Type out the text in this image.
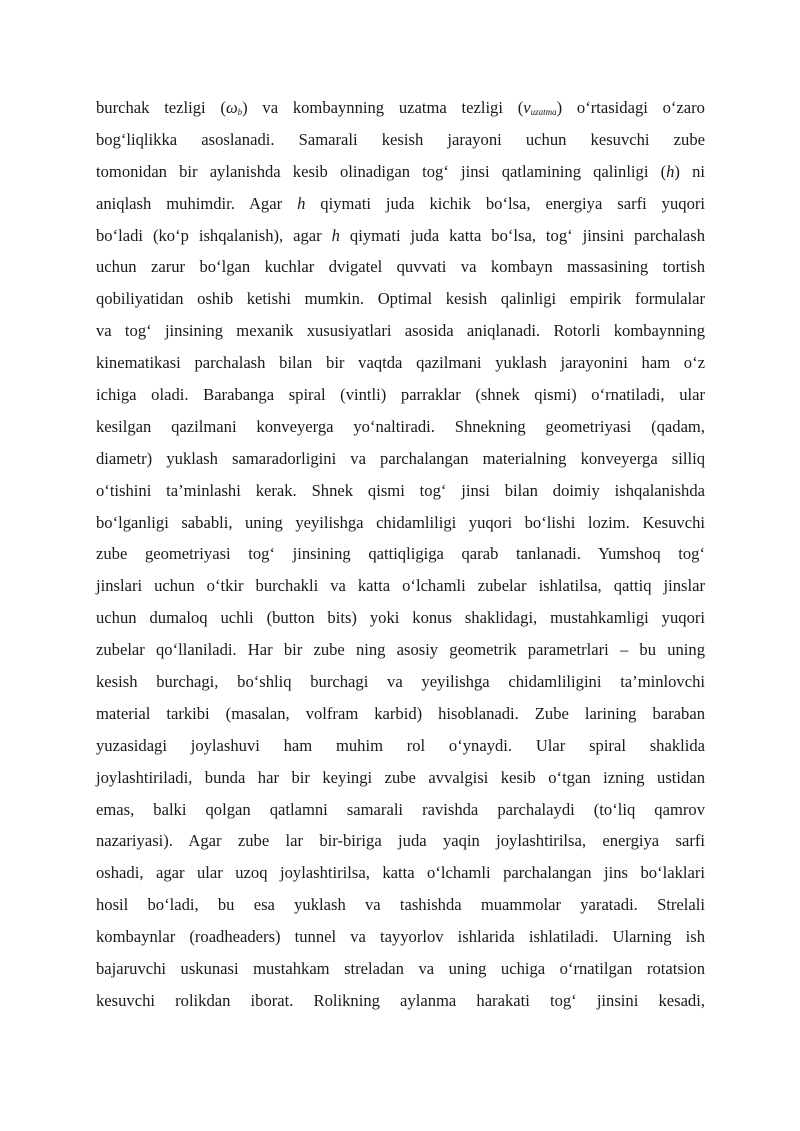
burchak tezligi $(\omega_b)$ va kombaynning uzatma tezligi $(v_{uzatma})$ o‘rtasidagi o‘zaro
bog‘liqlikka asoslanadi. Samarali kesish jarayoni uchun kesuvchi zube
tomonidan bir aylanishda kesib olinadigan tog‘ jinsi qatlamining qalinligi (h) ni
aniqlash muhimdir. Agar h qiymati juda kichik bo‘lsa, energiya sarfi yuqori
bo‘ladi (ko‘p ishqalanish), agar h qiymati juda katta bo‘lsa, tog‘ jinsini parchalash
uchun zarur bo‘lgan kuchlar dvigatel quvvati va kombayn massasining tortish
qobiliyatidan oshib ketishi mumkin. Optimal kesish qalinligi empirik formulalar
va tog‘ jinsining mexanik xususiyatlari asosida aniqlanadi. Rotorli kombaynning
kinematikasi parchalash bilan bir vaqtda qazilmani yuklash jarayonini ham o‘z
ichiga oladi. Barabanga spiral (vintli) parraklar (shnek qismi) o‘rnatiladi, ular
kesilgan qazilmani konveyerga yo‘naltiradi. Shnekning geometriyasi (qadam,
diametr) yuklash samaradorligini va parchalangan materialning konveyerga silliq
o‘tishini ta’minlashi kerak. Shnek qismi tog‘ jinsi bilan doimiy ishqalanishda
bo‘lganligi sababli, uning yeyilishga chidamliligi yuqori bo‘lishi lozim. Kesuvchi
zube geometriyasi tog‘ jinsining qattiqligiga qarab tanlanadi. Yumshoq tog‘
jinslari uchun o‘tkir burchakli va katta o‘lchamli zubelar ishlatilsa, qattiq jinslar
uchun dumaloq uchli (button bits) yoki konus shaklidagi, mustahkamligi yuqori
zubelar qo‘llaniladi. Har bir zube ning asosiy geometrik parametrlari – bu uning
kesish burchagi, bo‘shliq burchagi va yeyilishga chidamliligini ta’minlovchi
material tarkibi (masalan, volfram karbid) hisoblanadi. Zube larining baraban
yuzasidagi joylashuvi ham muhim rol o‘ynaydi. Ular spiral shaklida
joylashtiriladi, bunda har bir keyingi zube avvalgisi kesib o‘tgan izning ustidan
emas, balki qolgan qatlamni samarali ravishda parchalaydi (to‘liq qamrov
nazariyasi). Agar zube lar bir-biriga juda yaqin joylashtirilsa, energiya sarfi
oshadi, agar ular uzoq joylashtirilsa, katta o‘lchamli parchalangan jins bo‘laklari
hosil bo‘ladi, bu esa yuklash va tashishda muammolar yaratadi. Strelali
kombaynlar (roadheaders) tunnel va tayyorlov ishlarida ishlatiladi. Ularning ish
bajaruvchi uskunasi mustahkam streladan va uning uchiga o‘rnatilgan rotatsion
kesuvchi rolikdan iborat. Rolikning aylanma harakati tog‘ jinsini kesadi,
